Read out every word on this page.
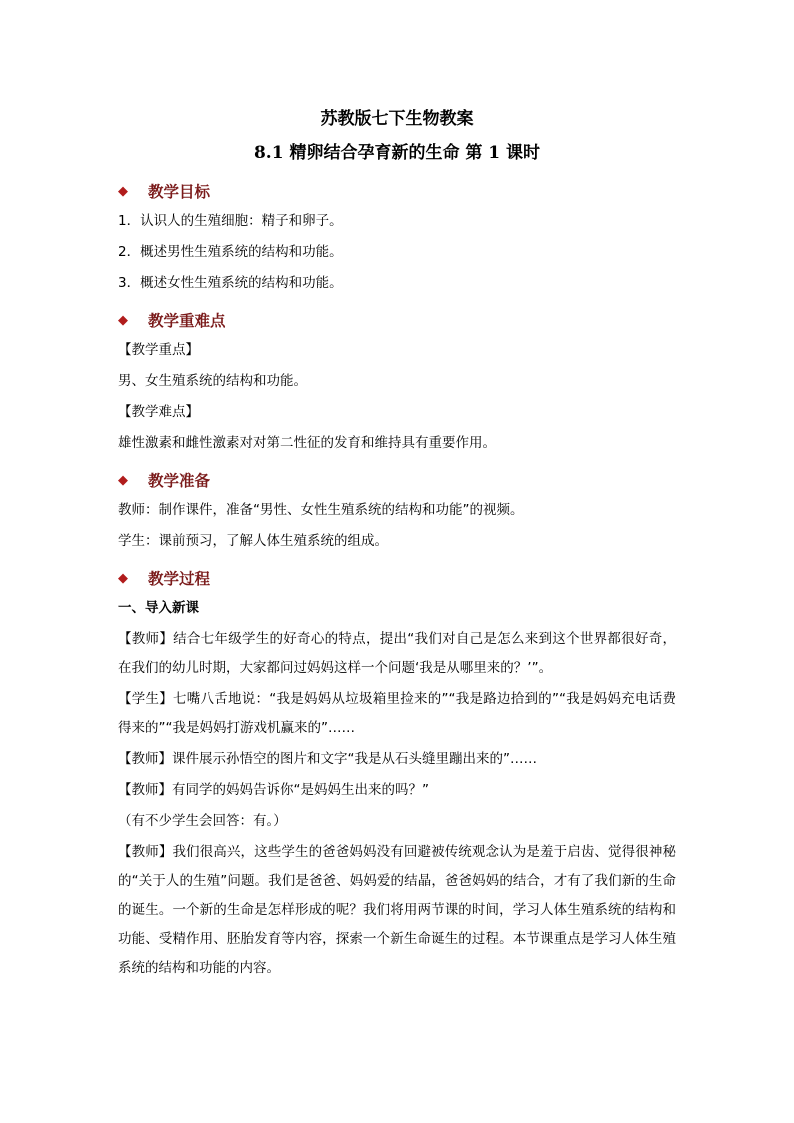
苏教版七下生物教案

8.1 精卵结合孕育新的生命 第 1 课时

◆	教学目标

1．认识人的生殖细胞：精子和卵子。

2．概述男性生殖系统的结构和功能。

3．概述女性生殖系统的结构和功能。

◆	教学重难点

【教学重点】

男、女生殖系统的结构和功能。

【教学难点】

雄性激素和雌性激素对对第二性征的发育和维持具有重要作用。

◆	教学准备

教师：制作课件，准备“男性、女性生殖系统的结构和功能”的视频。

学生：课前预习，了解人体生殖系统的组成。

◆	教学过程

一、导入新课

【教师】结合七年级学生的好奇心的特点，提出“我们对自己是怎么来到这个世界都很好奇，在我们的幼儿时期，大家都问过妈妈这样一个问题‘我是从哪里来的？’”。

【学生】七嘴八舌地说：“我是妈妈从垃圾箱里捡来的”“我是路边拾到的”“我是妈妈充电话费得来的”“我是妈妈打游戏机赢来的”……

【教师】课件展示孙悟空的图片和文字“我是从石头缝里蹦出来的”……

【教师】有同学的妈妈告诉你“是妈妈生出来的吗？”

（有不少学生会回答：有。）

【教师】我们很高兴，这些学生的爸爸妈妈没有回避被传统观念认为是羞于启齿、觉得很神秘的“关于人的生殖”问题。我们是爸爸、妈妈爱的结晶，爸爸妈妈的结合，才有了我们新的生命的诞生。一个新的生命是怎样形成的呢？我们将用两节课的时间，学习人体生殖系统的结构和功能、受精作用、胚胎发育等内容，探索一个新生命诞生的过程。本节课重点是学习人体生殖系统的结构和功能的内容。
